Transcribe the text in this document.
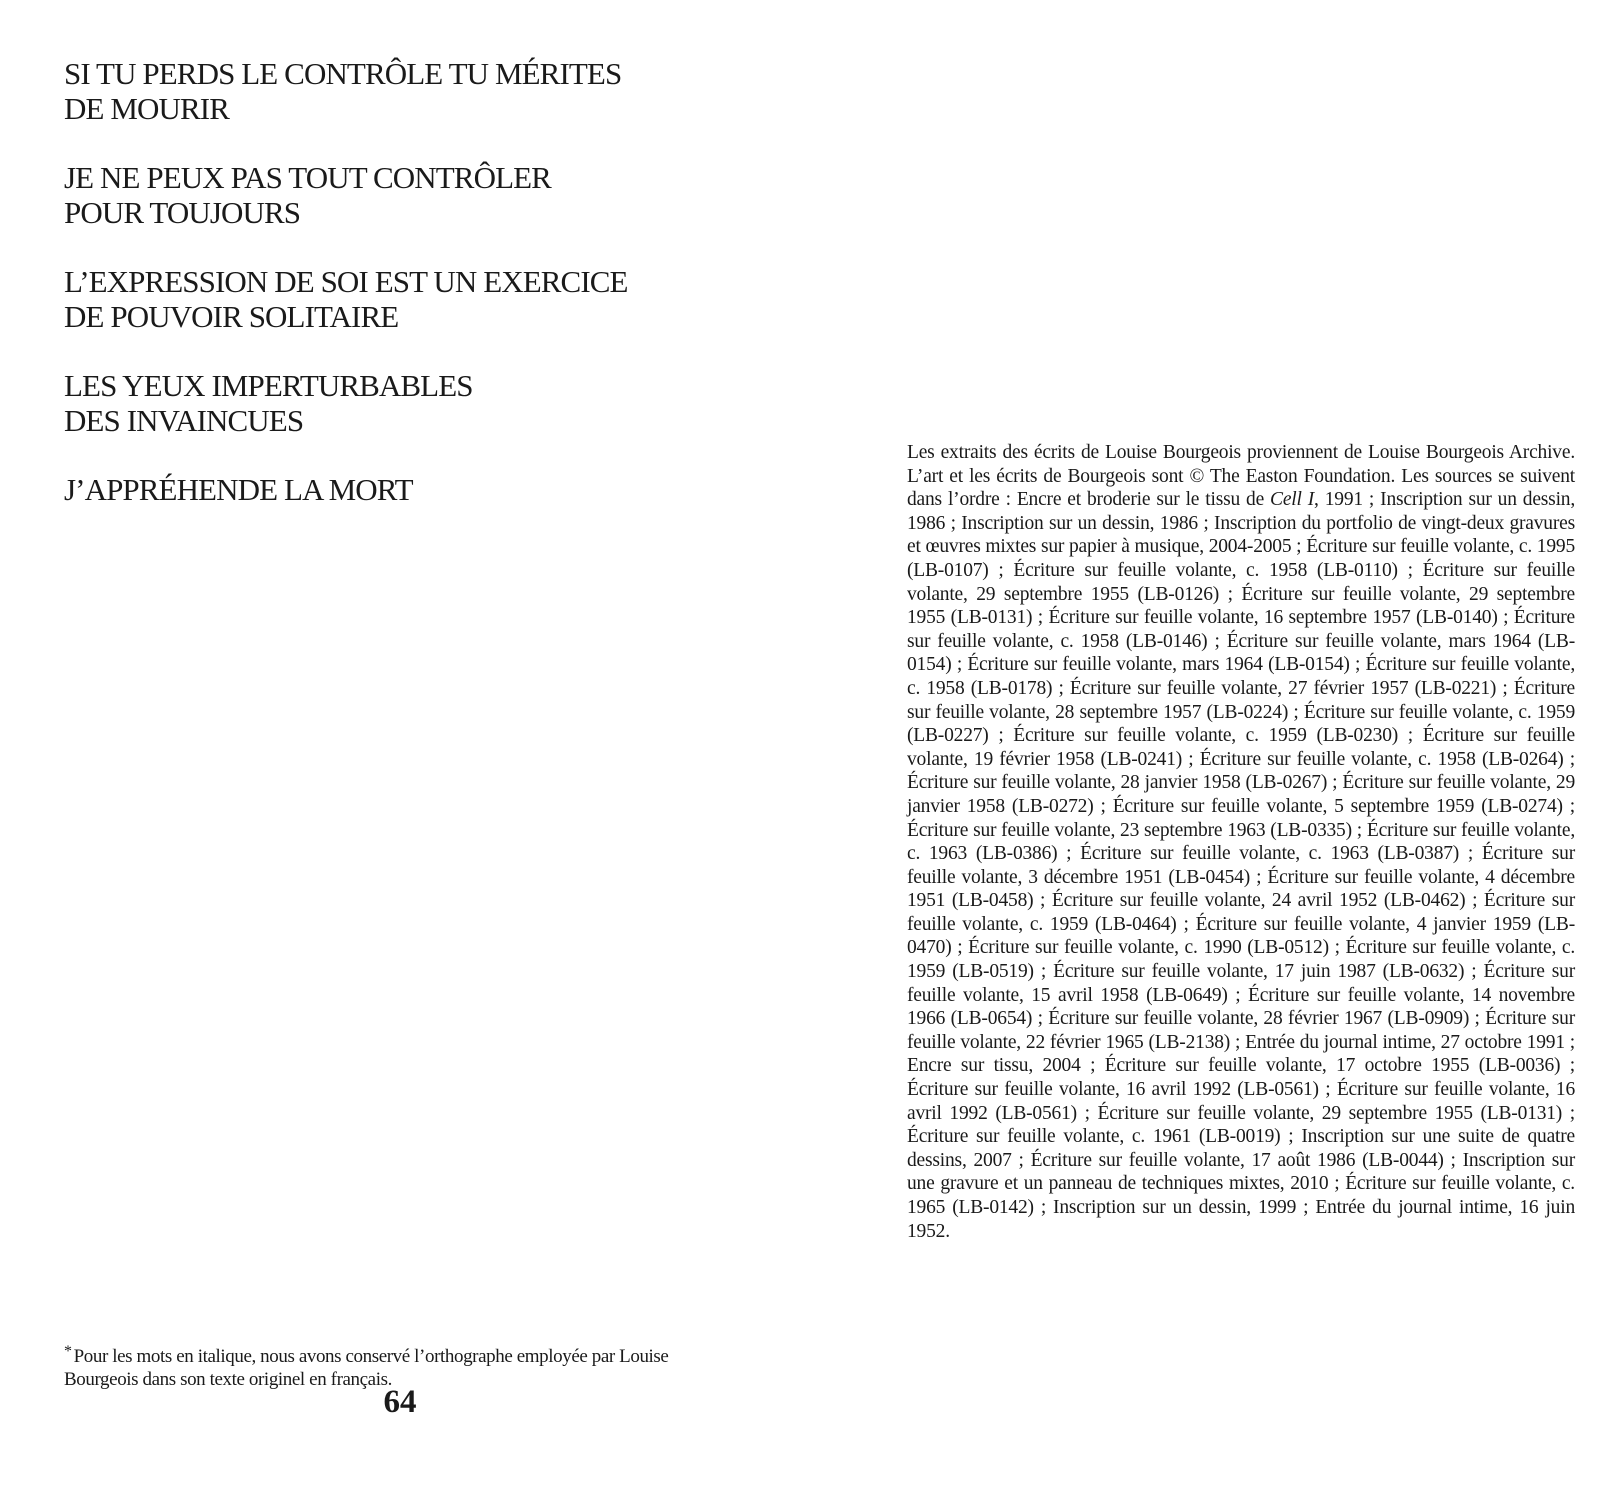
SI TU PERDS LE CONTRÔLE TU MÉRITES
DE MOURIR

JE NE PEUX PAS TOUT CONTRÔLER
POUR TOUJOURS

L’EXPRESSION DE SOI EST UN EXERCICE
DE POUVOIR SOLITAIRE

LES YEUX IMPERTURBABLES
DES INVAINCUES

J’APPRÉHENDE LA MORT

* Pour les mots en italique, nous avons conservé l’orthographe employée par Louise Bourgeois dans son texte originel en français.
64

Les extraits des écrits de Louise Bourgeois proviennent de Louise Bourgeois Archive. L’art et les écrits de Bourgeois sont © The Easton Foundation. Les sources se suivent dans l’ordre : Encre et broderie sur le tissu de Cell I, 1991 ; Inscription sur un dessin, 1986 ; Inscription sur un dessin, 1986 ; Inscription du portfolio de vingt-deux gravures et œuvres mixtes sur papier à musique, 2004-2005 ; Écriture sur feuille volante, c. 1995 (LB-0107) ; Écriture sur feuille volante, c. 1958 (LB-0110) ; Écriture sur feuille volante, 29 septembre 1955 (LB-0126) ; Écriture sur feuille volante, 29 septembre 1955 (LB-0131) ; Écriture sur feuille volante, 16 septembre 1957 (LB-0140) ; Écriture sur feuille volante, c. 1958 (LB-0146) ; Écriture sur feuille volante, mars 1964 (LB-0154) ; Écriture sur feuille volante, mars 1964 (LB-0154) ; Écriture sur feuille volante, c. 1958 (LB-0178) ; Écriture sur feuille volante, 27 février 1957 (LB-0221) ; Écriture sur feuille volante, 28 septembre 1957 (LB-0224) ; Écriture sur feuille volante, c. 1959 (LB-0227) ; Écriture sur feuille volante, c. 1959 (LB-0230) ; Écriture sur feuille volante, 19 février 1958 (LB-0241) ; Écriture sur feuille volante, c. 1958 (LB-0264) ; Écriture sur feuille volante, 28 janvier 1958 (LB-0267) ; Écriture sur feuille volante, 29 janvier 1958 (LB-0272) ; Écriture sur feuille volante, 5 septembre 1959 (LB-0274) ; Écriture sur feuille volante, 23 septembre 1963 (LB-0335) ; Écriture sur feuille volante, c. 1963 (LB-0386) ; Écriture sur feuille volante, c. 1963 (LB-0387) ; Écriture sur feuille volante, 3 décembre 1951 (LB-0454) ; Écriture sur feuille volante, 4 décembre 1951 (LB-0458) ; Écriture sur feuille volante, 24 avril 1952 (LB-0462) ; Écriture sur feuille volante, c. 1959 (LB-0464) ; Écriture sur feuille volante, 4 janvier 1959 (LB-0470) ; Écriture sur feuille volante, c. 1990 (LB-0512) ; Écriture sur feuille volante, c. 1959 (LB-0519) ; Écriture sur feuille volante, 17 juin 1987 (LB-0632) ; Écriture sur feuille volante, 15 avril 1958 (LB-0649) ; Écriture sur feuille volante, 14 novembre 1966 (LB-0654) ; Écriture sur feuille volante, 28 février 1967 (LB-0909) ; Écriture sur feuille volante, 22 février 1965 (LB-2138) ; Entrée du journal intime, 27 octobre 1991 ; Encre sur tissu, 2004 ; Écriture sur feuille volante, 17 octobre 1955 (LB-0036) ; Écriture sur feuille volante, 16 avril 1992 (LB-0561) ; Écriture sur feuille volante, 16 avril 1992 (LB-0561) ; Écriture sur feuille volante, 29 septembre 1955 (LB-0131) ; Écriture sur feuille volante, c. 1961 (LB-0019) ; Inscription sur une suite de quatre dessins, 2007 ; Écriture sur feuille volante, 17 août 1986 (LB-0044) ; Inscription sur une gravure et un panneau de techniques mixtes, 2010 ; Écriture sur feuille volante, c. 1965 (LB-0142) ; Inscription sur un dessin, 1999 ; Entrée du journal intime, 16 juin 1952.
